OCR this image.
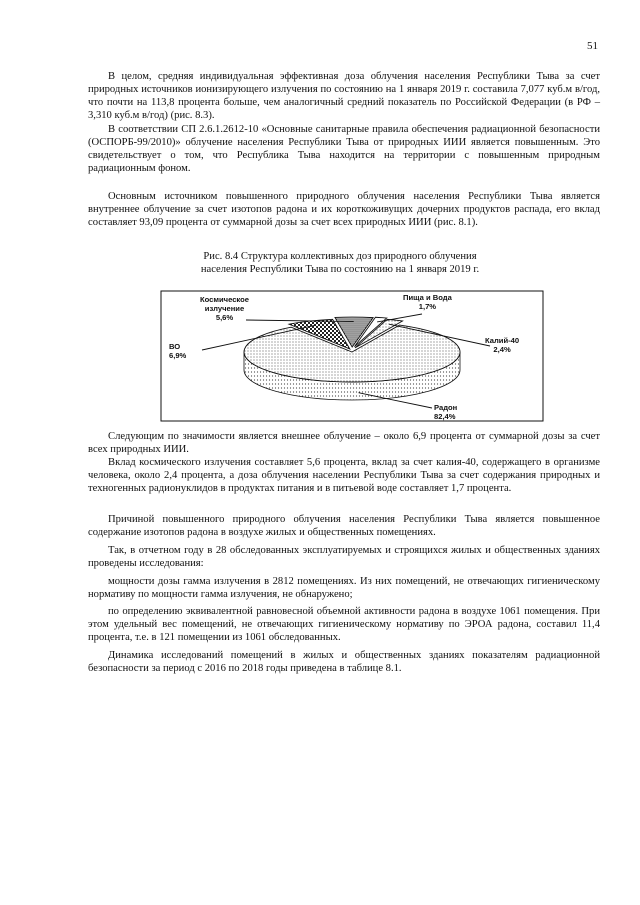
51

В целом, средняя индивидуальная эффективная доза облучения населения Республики Тыва за счет природных источников ионизирующего излучения по состоянию на 1 января 2019 г. составила 7,077 куб.м в/год, что почти на 113,8 процента больше, чем аналогичный средний показатель по Российской Федерации (в РФ – 3,310 куб.м в/год) (рис. 8.3).

В соответствии СП 2.6.1.2612-10 «Основные санитарные правила обеспечения радиационной безопасности (ОСПОРБ-99/2010)» облучение населения Республики Тыва от природных ИИИ является повышенным. Это свидетельствует о том, что Республика Тыва находится на территории с повышенным природным радиационным фоном.

Основным источником повышенного природного облучения населения Республики Тыва является внутреннее облучение за счет изотопов радона и их короткоживущих дочерних продуктов распада, его вклад составляет 93,09 процента от суммарной дозы за счет всех природных ИИИ (рис. 8.1).

Рис. 8.4 Структура коллективных доз природного облучения
населения Республики Тыва по состоянию на 1 января 2019 г.
Космическое
излучение
5,6%
ВО
6,9%
Пища и Вода
1,7%
Калий-40
2,4%
Радон
82,4%

Следующим по значимости является внешнее облучение – около 6,9 процента от суммарной дозы за счет всех природных ИИИ.

Вклад космического излучения составляет 5,6 процента, вклад за счет калия-40, содержащего в организме человека, около 2,4 процента, а доза облучения населении Республики Тыва за счет содержания природных и техногенных радионуклидов в продуктах питания и в питьевой воде составляет 1,7 процента.

Причиной повышенного природного облучения населения Республики Тыва является повышенное содержание изотопов радона в воздухе жилых и общественных помещениях.

Так, в отчетном году в 28 обследованных эксплуатируемых и строящихся жилых и общественных зданиях проведены исследования:

мощности дозы гамма излучения в 2812 помещениях. Из них помещений, не отвечающих гигиеническому нормативу по мощности гамма излучения, не обнаружено;

по определению эквивалентной равновесной объемной активности радона в воздухе 1061 помещения. При этом удельный вес помещений, не отвечающих гигиеническому нормативу по ЭРОА радона, составил 11,4 процента, т.е. в 121 помещении из 1061 обследованных.

Динамика исследований помещений в жилых и общественных зданиях показателям радиационной безопасности за период с 2016 по 2018 годы приведена в таблице 8.1.
